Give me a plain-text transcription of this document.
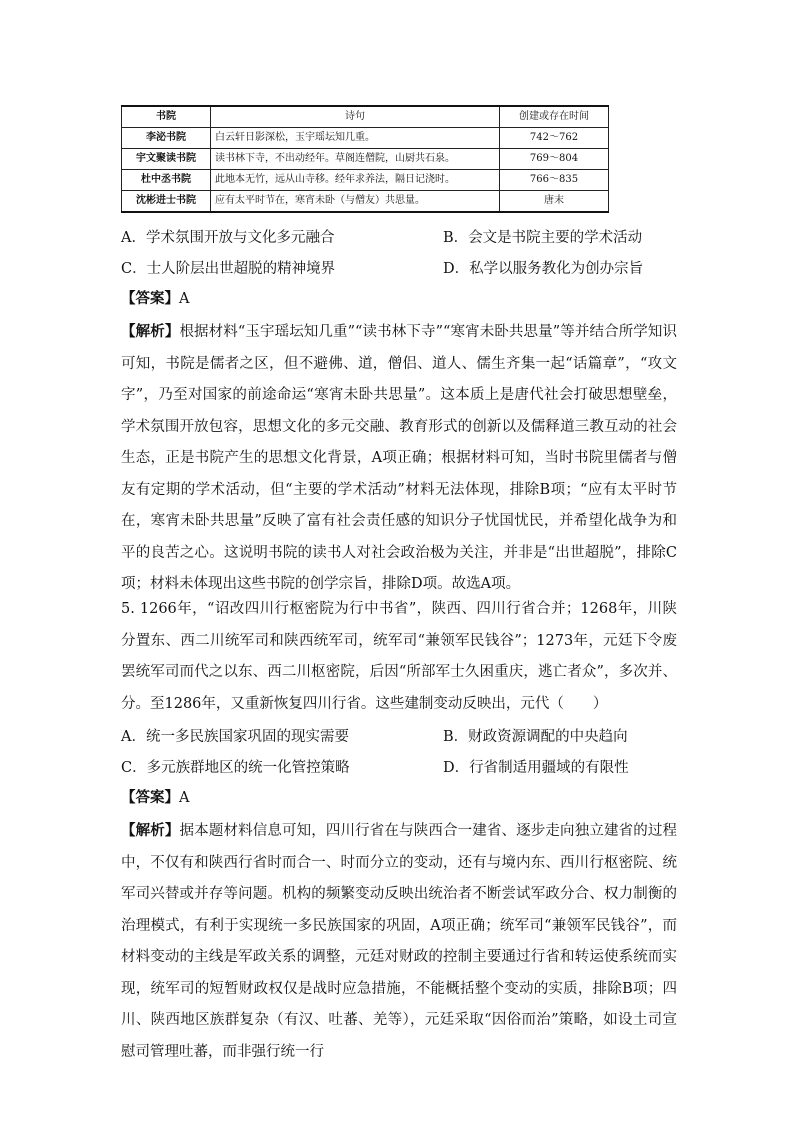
书院	诗句	创建或存在时间
李泌书院	白云轩日影深松，玉宇瑶坛知几重。	742～762
宇文聚读书院	读书林下寺，不出动经年。草阁连僧院，山厨共石泉。	769～804
杜中丞书院	此地本无竹，远从山寺移。经年求养法，隔日记浇时。	766～835
沈彬进士书院	应有太平时节在，寒宵未卧（与僧友）共思量。	唐末
A．学术氛围开放与文化多元融合	B．会文是书院主要的学术活动
C．士人阶层出世超脱的精神境界	D．私学以服务教化为创办宗旨
【答案】A
【解析】根据材料“玉宇瑶坛知几重”“读书林下寺”“寒宵未卧共思量”等并结合所学知识可知，书院是儒者之区，但不避佛、道，僧侣、道人、儒生齐集一起“话篇章”，“攻文字”，乃至对国家的前途命运“寒宵未卧共思量”。这本质上是唐代社会打破思想壁垒，学术氛围开放包容，思想文化的多元交融、教育形式的创新以及儒释道三教互动的社会生态，正是书院产生的思想文化背景，A项正确；根据材料可知，当时书院里儒者与僧友有定期的学术活动，但“主要的学术活动”材料无法体现，排除B项；“应有太平时节在，寒宵未卧共思量”反映了富有社会责任感的知识分子忧国忧民，并希望化战争为和平的良苦之心。这说明书院的读书人对社会政治极为关注，并非是“出世超脱”，排除C项；材料未体现出这些书院的创学宗旨，排除D项。故选A项。
5. 1266年，“诏改四川行枢密院为行中书省”，陕西、四川行省合并；1268年，川陕分置东、西二川统军司和陕西统军司，统军司“兼领军民钱谷”；1273年，元廷下令废罢统军司而代之以东、西二川枢密院，后因“所部军士久困重庆，逃亡者众”，多次并、分。至1286年，又重新恢复四川行省。这些建制变动反映出，元代（　　）
A．统一多民族国家巩固的现实需要	B．财政资源调配的中央趋向
C．多元族群地区的统一化管控策略	D．行省制适用疆域的有限性
【答案】A
【解析】据本题材料信息可知，四川行省在与陕西合一建省、逐步走向独立建省的过程中，不仅有和陕西行省时而合一、时而分立的变动，还有与境内东、西川行枢密院、统军司兴替或并存等问题。机构的频繁变动反映出统治者不断尝试军政分合、权力制衡的治理模式，有利于实现统一多民族国家的巩固，A项正确；统军司“兼领军民钱谷”，而材料变动的主线是军政关系的调整，元廷对财政的控制主要通过行省和转运使系统而实现，统军司的短暂财政权仅是战时应急措施，不能概括整个变动的实质，排除B项；四川、陕西地区族群复杂（有汉、吐蕃、羌等），元廷采取“因俗而治”策略，如设土司宣慰司管理吐蕃，而非强行统一行
